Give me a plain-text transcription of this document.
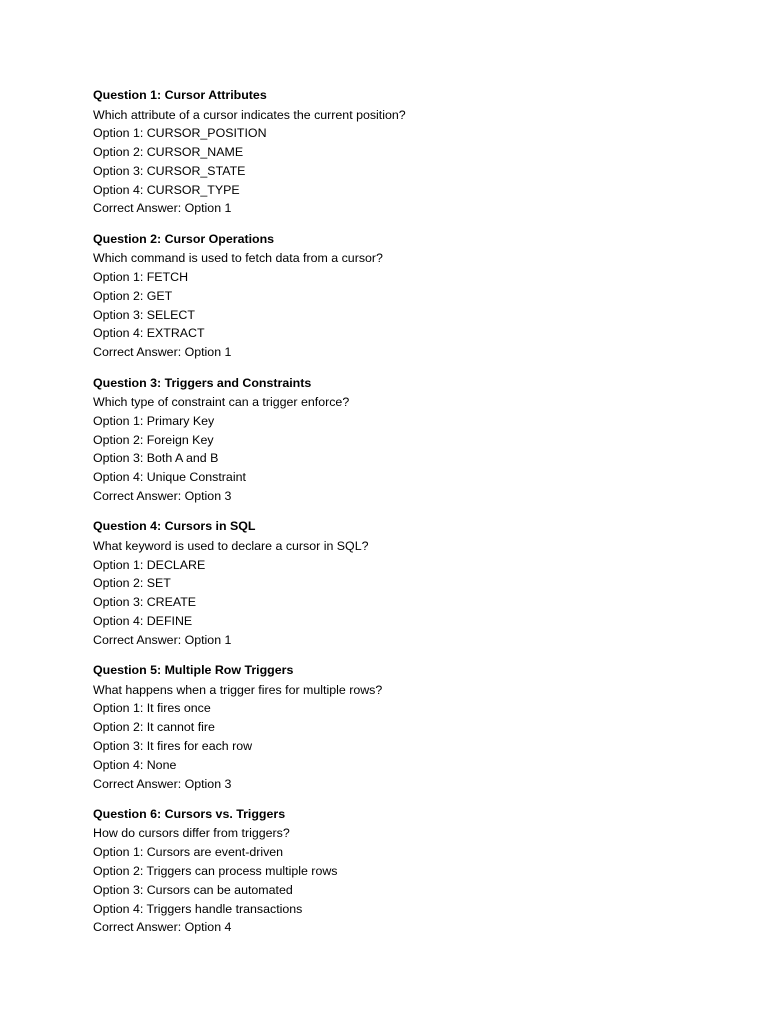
Question 1: Cursor Attributes

Which attribute of a cursor indicates the current position?

Option 1: CURSOR_POSITION

Option 2: CURSOR_NAME

Option 3: CURSOR_STATE

Option 4: CURSOR_TYPE

Correct Answer: Option 1

Question 2: Cursor Operations

Which command is used to fetch data from a cursor?

Option 1: FETCH

Option 2: GET

Option 3: SELECT

Option 4: EXTRACT

Correct Answer: Option 1

Question 3: Triggers and Constraints

Which type of constraint can a trigger enforce?

Option 1: Primary Key

Option 2: Foreign Key

Option 3: Both A and B

Option 4: Unique Constraint

Correct Answer: Option 3

Question 4: Cursors in SQL

What keyword is used to declare a cursor in SQL?

Option 1: DECLARE

Option 2: SET

Option 3: CREATE

Option 4: DEFINE

Correct Answer: Option 1

Question 5: Multiple Row Triggers

What happens when a trigger fires for multiple rows?

Option 1: It fires once

Option 2: It cannot fire

Option 3: It fires for each row

Option 4: None

Correct Answer: Option 3

Question 6: Cursors vs. Triggers

How do cursors differ from triggers?

Option 1: Cursors are event-driven

Option 2: Triggers can process multiple rows

Option 3: Cursors can be automated

Option 4: Triggers handle transactions

Correct Answer: Option 4
